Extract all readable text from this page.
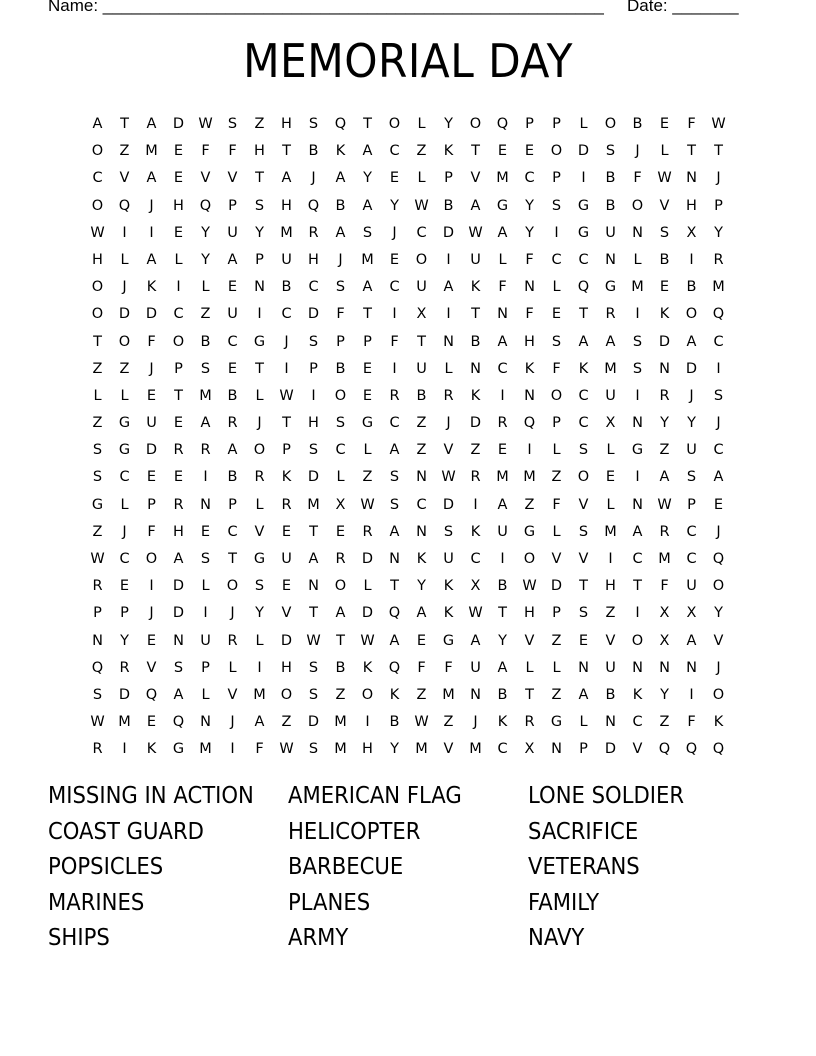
Name: _____________________________________________________

Date: _______

MEMORIAL DAY
A	T	A	D W	S	Z	H	S	Q	T	O	L	Y	O	Q	P	P	L	O	B	E	F	W
O	Z	M	E	F	F	H	T	B	K	A	C	Z	K	T	E	E	O	D	S	J	L	T	T
C	V	A	E	V	V	T	A	J	A	Y	E	L	P	V	M	C	P	I	B	F	W N	J
O	Q	J	H	Q	P	S	H	Q	B	A	Y	W	B	A	G	Y	S	G	B	O	V	H	P
W	I	I	E	Y	U	Y	M	R	A	S	J	C	D W	A	Y	I	G	U	N	S	X	Y
H	L	A	L	Y	A	P	U	H	J	M	E	O	I	U	L	F	C	C	N	L	B	I	R
O	J	K	I	L	E	N	B	C	S	A	C	U	A	K	F	N	L	Q	G	M	E	B	M
O	D	D	C	Z	U	I	C	D	F	T	I	X	I	T	N	F	E	T	R	I	K	O	Q
T	O	F	O	B	C	G	J	S	P	P	F	T	N	B	A	H	S	A	A	S	D	A	C
Z	Z	J	P	S	E	T	I	P	B	E	I	U	L	N	C	K	F	K	M	S	N	D	I
L	L	E	T	M	B	L	W	I	O	E	R	B	R	K	I	N	O	C	U	I	R	J	S
Z	G	U	E	A	R	J	T	H	S	G	C	Z	J	D	R	Q	P	C	X	N	Y	Y	J
S	G	D	R	R	A	O	P	S	C	L	A	Z	V	Z	E	I	L	S	L	G	Z	U	C
S	C	E	E	I	B	R	K	D	L	Z	S	N W	R	M M	Z	O	E	I	A	S	A
G	L	P	R	N	P	L	R	M	X	W	S	C	D	I	A	Z	F	V	L	N W	P	E
Z	J	F	H	E	C	V	E	T	E	R	A	N	S	K	U	G	L	S	M	A	R	C	J
W	C	O	A	S	T	G	U	A	R	D	N	K	U	C	I	O	V	V	I	C	M	C	Q
R	E	I	D	L	O	S	E	N	O	L	T	Y	K	X	B	W D	T	H	T	F	U	O
P	P	J	D	I	J	Y	V	T	A	D	Q	A	K	W	T	H	P	S	Z	I	X	X	Y
N	Y	E	N	U	R	L	D W	T	W	A	E	G	A	Y	V	Z	E	V	O	X	A	V
Q	R	V	S	P	L	I	H	S	B	K	Q	F	F	U	A	L	L	N	U	N	N	N	J
S	D	Q	A	L	V	M	O	S	Z	O	K	Z	M	N	B	T	Z	A	B	K	Y	I	O
W M	E	Q	N	J	A	Z	D	M	I	B	W	Z	J	K	R	G	L	N	C	Z	F	K
R	I	K	G	M	I	F	W	S	M	H	Y	M	V	M	C	X	N	P	D	V	Q	Q	Q
MISSING IN ACTION	AMERICAN FLAG	LONE SOLDIER
COAST GUARD	HELICOPTER	SACRIFICE
POPSICLES	BARBECUE	VETERANS
MARINES	PLANES	FAMILY
SHIPS	ARMY	NAVY
